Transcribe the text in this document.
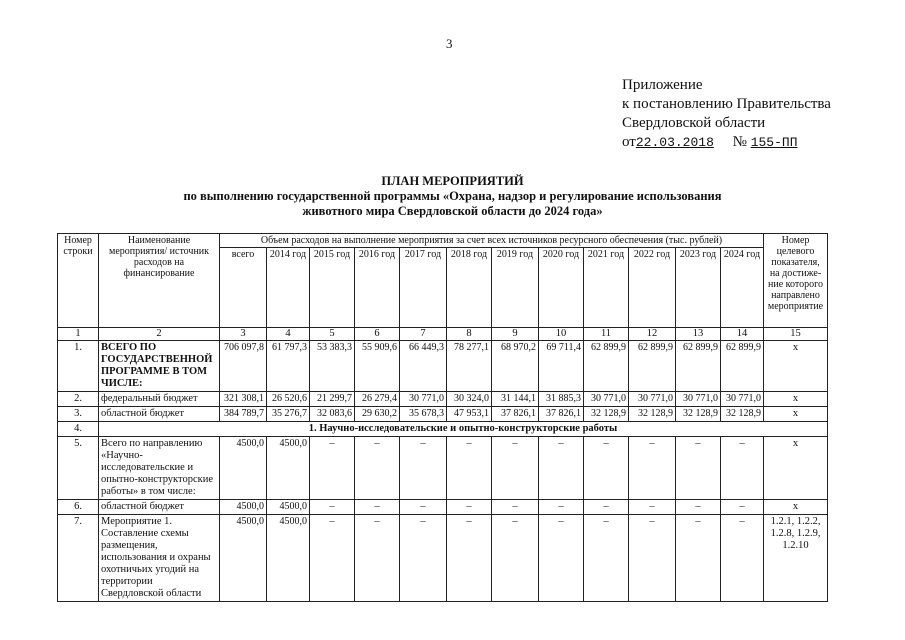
3
Приложение
к постановлению Правительства
Свердловской области
от22.03.2018 № 155-ПП
ПЛАН МЕРОПРИЯТИЙ
по выполнению государственной программы «Охрана, надзор и регулирование использования
животного мира Свердловской области до 2024 года»
Номер строки	Наименование мероприятия/ источник расходов на финансирование	Объем расходов на выполнение мероприятия за счет всех источников ресурсного обеспечения (тыс. рублей)												Номер целевого показателя, на достиже- ние которого направлено мероприятие
		всего	2014 год	2015 год	2016 год	2017 год	2018 год	2019 год	2020 год	2021 год	2022 год	2023 год	2024 год	
1	2	3	4	5	6	7	8	9	10	11	12	13	14	15
1.	ВСЕГО ПО ГОСУДАРСТВЕННОЙ ПРОГРАММЕ В ТОМ ЧИСЛЕ:	706 097,8	61 797,3	53 383,3	55 909,6	66 449,3	78 277,1	68 970,2	69 711,4	62 899,9	62 899,9	62 899,9	62 899,9	х
2.	федеральный бюджет	321 308,1	26 520,6	21 299,7	26 279,4	30 771,0	30 324,0	31 144,1	31 885,3	30 771,0	30 771,0	30 771,0	30 771,0	х
3.	областной бюджет	384 789,7	35 276,7	32 083,6	29 630,2	35 678,3	47 953,1	37 826,1	37 826,1	32 128,9	32 128,9	32 128,9	32 128,9	х
4.	1. Научно-исследовательские и опытно-конструкторские работы													
5.	Всего по направлению «Научно-исследовательские и опытно-конструкторские работы» в том числе:	4500,0	4500,0	–	–	–	–	–	–	–	–	–	–	х
6.	областной бюджет	4500,0	4500,0	–	–	–	–	–	–	–	–	–	–	х
7.	Мероприятие 1. Составление схемы размещения, использования и охраны охотничьих угодий на территории Свердловской области	4500,0	4500,0	–	–	–	–	–	–	–	–	–	–	1.2.1, 1.2.2, 1.2.8, 1.2.9, 1.2.10
